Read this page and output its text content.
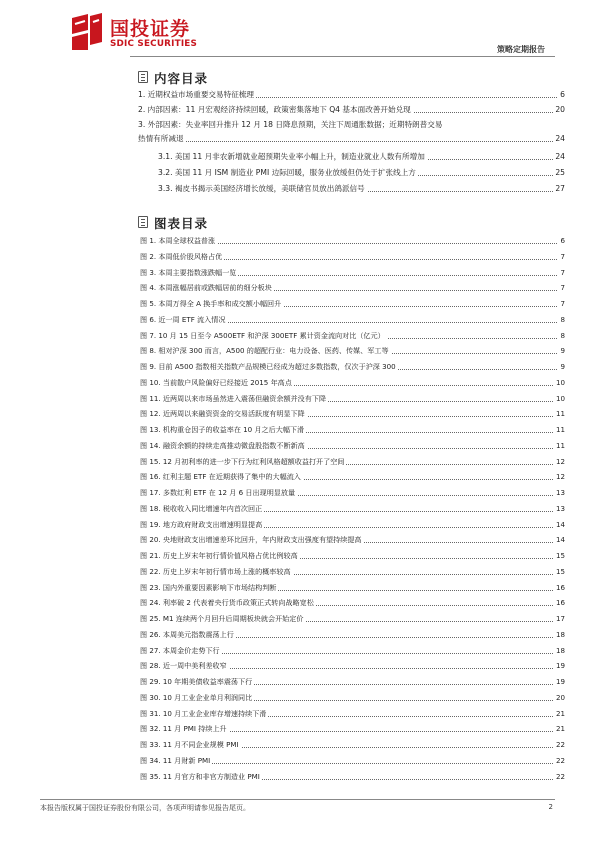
国投证券
SDIC SECURITIES
策略定期报告
内容目录
1. 近期权益市场重要交易特征梳理	6
2. 内部因素：11 月宏观经济持续回暖，政策密集落地下 Q4 基本面改善开始兑现	20
3. 外部因素：失业率回升推升 12 月 18 日降息预期，关注下周通胀数据；近期特朗普交易
热情有所减退	24
3.1. 美国 11 月非农新增就业超预期失业率小幅上升，制造业就业人数有所增加	24
3.2. 美国 11 月 ISM 制造业 PMI 边际回暖，服务业放缓但仍处于扩张线上方	25
3.3. 褐皮书揭示美国经济增长放缓，美联储官员放出鸽派信号	27
图表目录
图 1. 本周全球权益普涨	6
图 2. 本周低价股风格占优	7
图 3. 本周主要指数涨跌幅一览	7
图 4. 本周涨幅居前或跌幅居前的细分板块	7
图 5. 本周万得全 A 换手率和成交额小幅回升	7
图 6. 近一周 ETF 流入情况	8
图 7. 10 月 15 日至今 A500ETF 和沪深 300ETF 累计资金流向对比（亿元）	8
图 8. 相对沪深 300 而言，A500 的超配行业：电力设备、医药、传媒、军工等	9
图 9. 目前 A500 指数相关指数产品规模已经成为超过多数指数，仅次于沪深 300	9
图 10. 当前散户风险偏好已经接近 2015 年高点	10
图 11. 近两周以来市场虽然进入震荡但融资余额并没有下降	10
图 12. 近两周以来融资资金的交易活跃度有明显下降	11
图 13. 机构重仓因子的收益率在 10 月之后大幅下滑	11
图 14. 融资余额的持续走高推动微盘股指数不断新高	11
图 15. 12 月初利率的进一步下行为红利风格超额收益打开了空间	12
图 16. 红利主题 ETF 在近期获得了集中的大幅流入	12
图 17. 多数红利 ETF 在 12 月 6 日出现明显放量	13
图 18. 税收收入同比增速年内首次回正	13
图 19. 地方政府财政支出增速明显提高	14
图 20. 央地财政支出增速差环比回升，年内财政支出强度有望持续提高	14
图 21. 历史上岁末年初行情价值风格占优比例较高	15
图 22. 历史上岁末年初行情市场上涨的概率较高	15
图 23. 国内外重要因素影响下市场结构判断	16
图 24. 利率破 2 代表着央行货币政策正式转向战略宽松	16
图 25. M1 连续两个月回升后周期板块就会开始定价	17
图 26. 本周美元指数震荡上行	18
图 27. 本周金价走势下行	18
图 28. 近一周中美利差收窄	19
图 29. 10 年期美债收益率震荡下行	19
图 30. 10 月工业企业单月利润同比	20
图 31. 10 月工业企业库存增速持续下滑	21
图 32. 11 月 PMI 持续上升	21
图 33. 11 月不同企业规模 PMI	22
图 34. 11 月财新 PMI	22
图 35. 11 月官方和非官方制造业 PMI	22
本报告版权属于国投证券股份有限公司，各项声明请参见报告尾页。	2
